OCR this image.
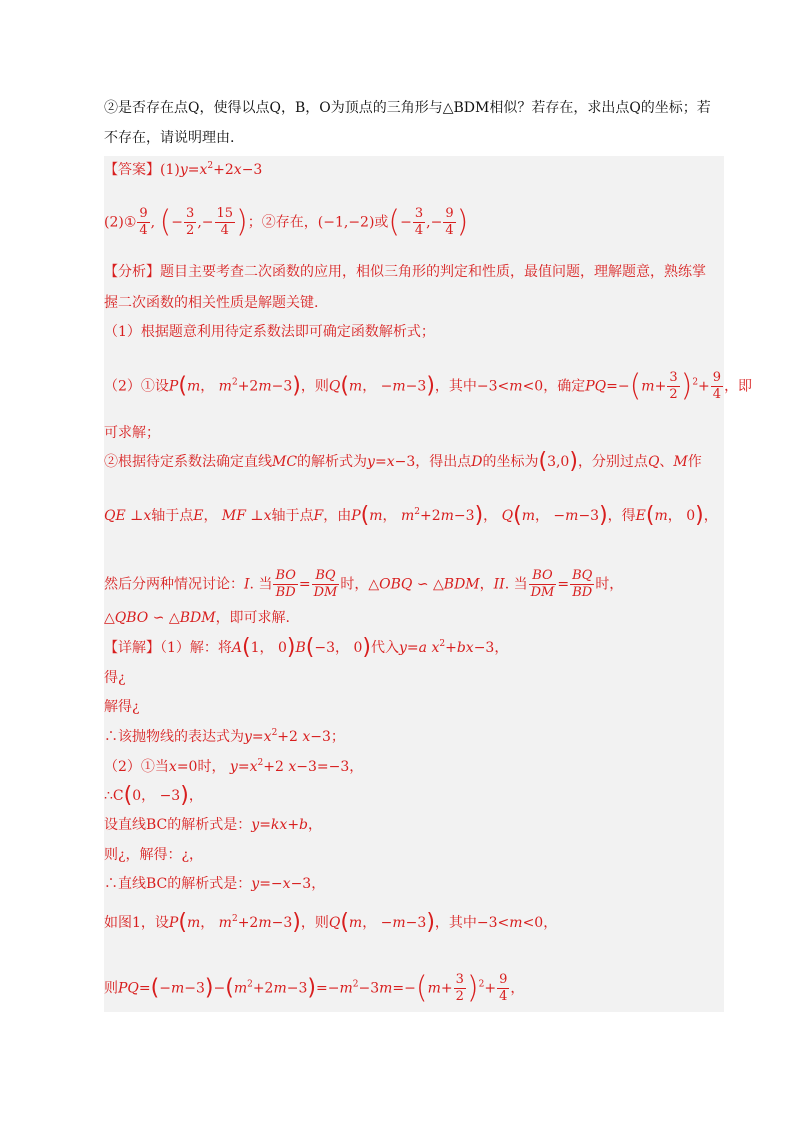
②是否存在点Q，使得以点Q，B，O为顶点的三角形与△BDM相似？若存在，求出点Q的坐标；若
不存在，请说明理由.
【答案】$(1)y=x^2+2x-3$
(2)① $\frac{9}{4}$ , (− $\frac{3}{2}$ ,− $\frac{15}{4}$ )；②存在，(−1,−2)或(− $\frac{3}{4}$ ,− $\frac{9}{4}$ )
【分析】题目主要考查二次函数的应用，相似三角形的判定和性质，最值问题，理解题意，熟练掌
握二次函数的相关性质是解题关键.
（1）根据题意利用待定系数法即可确定函数解析式；
（2）①设P(m， $m^2+2m-3$)，则Q(m， −m−3)，其中−3<m<0，确定$PQ=-(m+ \frac{3}{2} )^2+ \frac{9}{4}$ ，即
可求解；
②根据待定系数法确定直线MC的解析式为y=x−3，得出点D的坐标为(3,0)，分别过点Q、M作
QE ⊥x轴于点E， MF ⊥x轴于点F，由P(m， $m^2+2m-3$)， Q(m， −m−3)，得E(m， 0)，
然后分两种情况讨论：I. 当 $\frac{BO}{BD} = \frac{BQ}{DM}$ 时，△OBQ ∽ △BDM，II. 当 $\frac{BO}{DM} = \frac{BQ}{BD}$ 时，
△QBO ∽ △BDM，即可求解.
【详解】（1）解：将A(1， 0)B(−3， 0)代入y=a $x^2+bx-3$，
得¿
解得¿
∴该抛物线的表达式为$y=x^2+2$ x−3；
（2）①当x=0时， $y=x^2+2$ x−3=−3，
∴C(0， −3)，
设直线BC的解析式是：y=kx+b，
则¿，解得：¿，
∴直线BC的解析式是：y=−x−3，
如图1，设P(m， $m^2+2m-3$)，则Q(m， −m−3)，其中−3<m<0，
则$PQ=(-m-3)-(m^2+2m-3)=-m^2-3m=-(m+ \frac{3}{2} )^2+ \frac{9}{4}$ ，
